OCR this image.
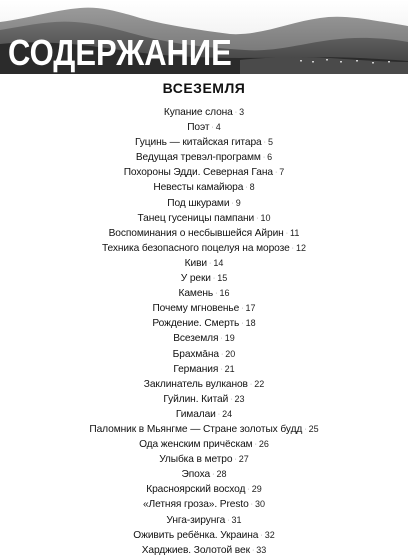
СОДЕРЖАНИЕ
ВСЕЗЕМЛЯ
Купание слона · 3
Поэт · 4
Гуцинь — китайская гитара · 5
Ведущая тревэл-программ · 6
Похороны Эдди. Северная Гана · 7
Невесты камайюра · 8
Под шкурами · 9
Танец гусеницы пампани · 10
Воспоминания о несбывшейся Айрин · 11
Техника безопасного поцелуя на морозе · 12
Киви · 14
У реки · 15
Камень · 16
Почему мгновенье · 17
Рождение. Смерть · 18
Всеземля · 19
Брахмāна · 20
Германия · 21
Заклинатель вулканов · 22
Гуйлин. Китай · 23
Гималаи · 24
Паломник в Мьянгме — Стране золотых будд · 25
Ода женским причёскам · 26
Улыбка в метро · 27
Эпоха · 28
Красноярский восход · 29
«Летняя гроза». Presto · 30
Унга-зирунга · 31
Оживить ребёнка. Украина · 32
Харджиев. Золотой век · 33
